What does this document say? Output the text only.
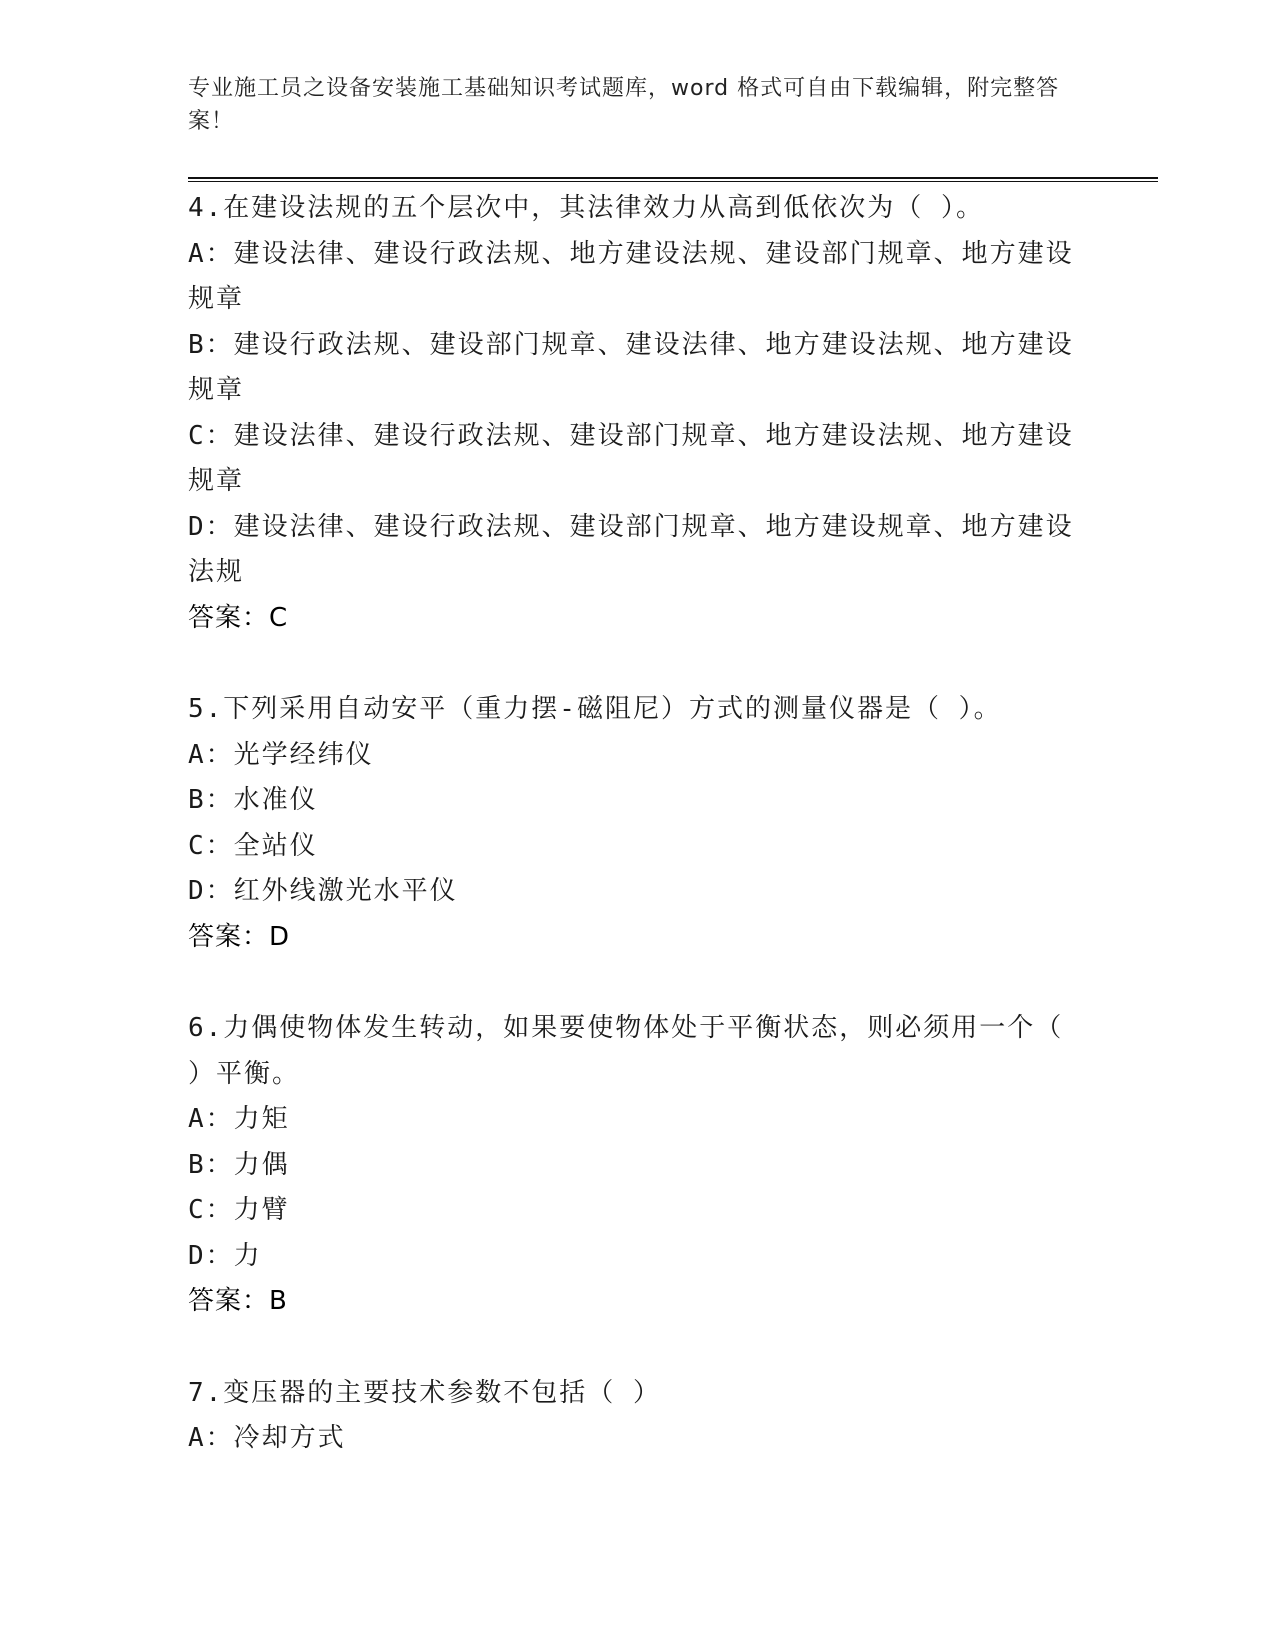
专业施工员之设备安装施工基础知识考试题库，word 格式可自由下载编辑，附完整答案！

4.在建设法规的五个层次中，其法律效力从高到低依次为（ ）。

A：建设法律、建设行政法规、地方建设法规、建设部门规章、地方建设规章

B：建设行政法规、建设部门规章、建设法律、地方建设法规、地方建设规章

C：建设法律、建设行政法规、建设部门规章、地方建设法规、地方建设规章

D：建设法律、建设行政法规、建设部门规章、地方建设规章、地方建设法规

答案：C

5.下列采用自动安平（重力摆-磁阻尼）方式的测量仪器是（ ）。

A：光学经纬仪

B：水准仪

C：全站仪

D：红外线激光水平仪

答案：D

6.力偶使物体发生转动，如果要使物体处于平衡状态，则必须用一个（ ）平衡。

A：力矩

B：力偶

C：力臂

D：力

答案：B

7.变压器的主要技术参数不包括（ ）

A：冷却方式
